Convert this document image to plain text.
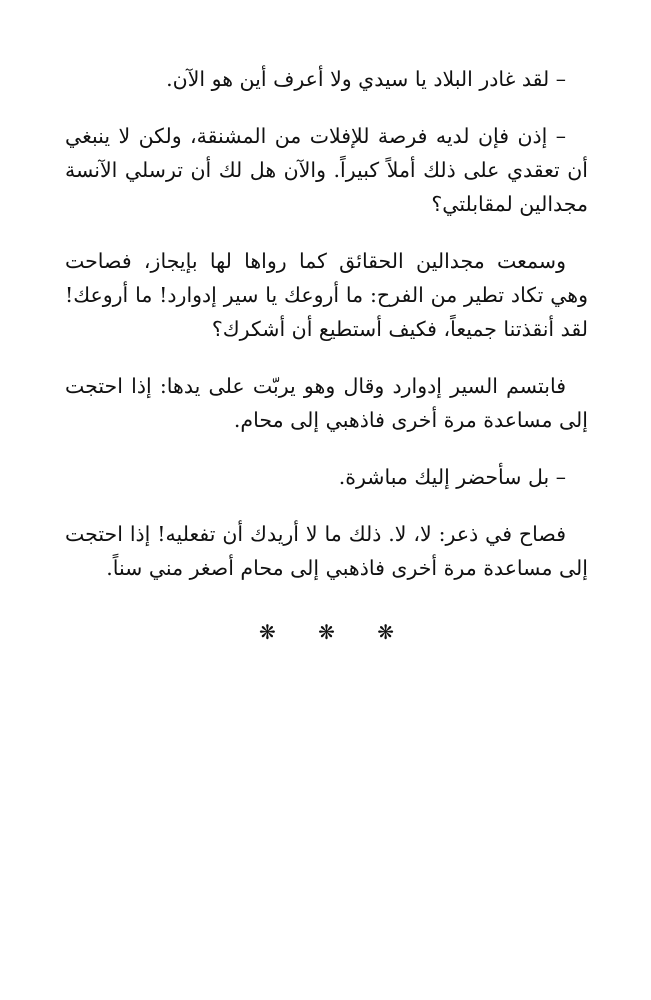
– لقد غادر البلاد يا سيدي ولا أعرف أين هو الآن.

– إذن فإن لديه فرصة للإفلات من المشنقة، ولكن لا ينبغي أن تعقدي على ذلك أملاً كبيراً. والآن هل لك أن ترسلي الآنسة مجدالين لمقابلتي؟

وسمعت مجدالين الحقائق كما رواها لها بإيجاز، فصاحت وهي تكاد تطير من الفرح: ما أروعك يا سير إدوارد! ما أروعك! لقد أنقذتنا جميعاً، فكيف أستطيع أن أشكرك؟

فابتسم السير إدوارد وقال وهو يربّت على يدها: إذا احتجت إلى مساعدة مرة أخرى فاذهبي إلى محام.

– بل سأحضر إليك مباشرة.

فصاح في ذعر: لا، لا. ذلك ما لا أريدك أن تفعليه! إذا احتجت إلى مساعدة مرة أخرى فاذهبي إلى محام أصغر مني سناً.

❋ ❋ ❋
